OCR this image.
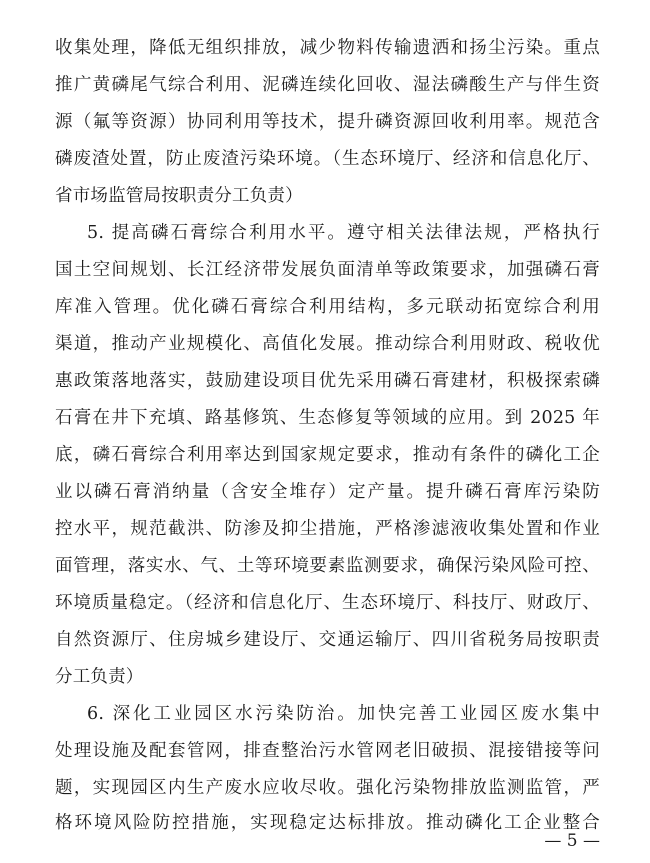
收集处理，降低无组织排放，减少物料传输遗洒和扬尘污染。重点
推广黄磷尾气综合利用、泥磷连续化回收、湿法磷酸生产与伴生资
源（氟等资源）协同利用等技术，提升磷资源回收利用率。规范含
磷废渣处置，防止废渣污染环境。（生态环境厅、经济和信息化厅、
省市场监管局按职责分工负责）
5. 提高磷石膏综合利用水平。遵守相关法律法规，严格执行
国土空间规划、长江经济带发展负面清单等政策要求，加强磷石膏
库准入管理。优化磷石膏综合利用结构，多元联动拓宽综合利用
渠道，推动产业规模化、高值化发展。推动综合利用财政、税收优
惠政策落地落实，鼓励建设项目优先采用磷石膏建材，积极探索磷
石膏在井下充填、路基修筑、生态修复等领域的应用。到 2025 年
底，磷石膏综合利用率达到国家规定要求，推动有条件的磷化工企
业以磷石膏消纳量（含安全堆存）定产量。提升磷石膏库污染防
控水平，规范截洪、防渗及抑尘措施，严格渗滤液收集处置和作业
面管理，落实水、气、土等环境要素监测要求，确保污染风险可控、
环境质量稳定。（经济和信息化厅、生态环境厅、科技厅、财政厅、
自然资源厅、住房城乡建设厅、交通运输厅、四川省税务局按职责
分工负责）
6. 深化工业园区水污染防治。加快完善工业园区废水集中
处理设施及配套管网，排查整治污水管网老旧破损、混接错接等问
题，实现园区内生产废水应收尽收。强化污染物排放监测监管，严
格环境风险防控措施，实现稳定达标排放。推动磷化工企业整合
— 5 —
